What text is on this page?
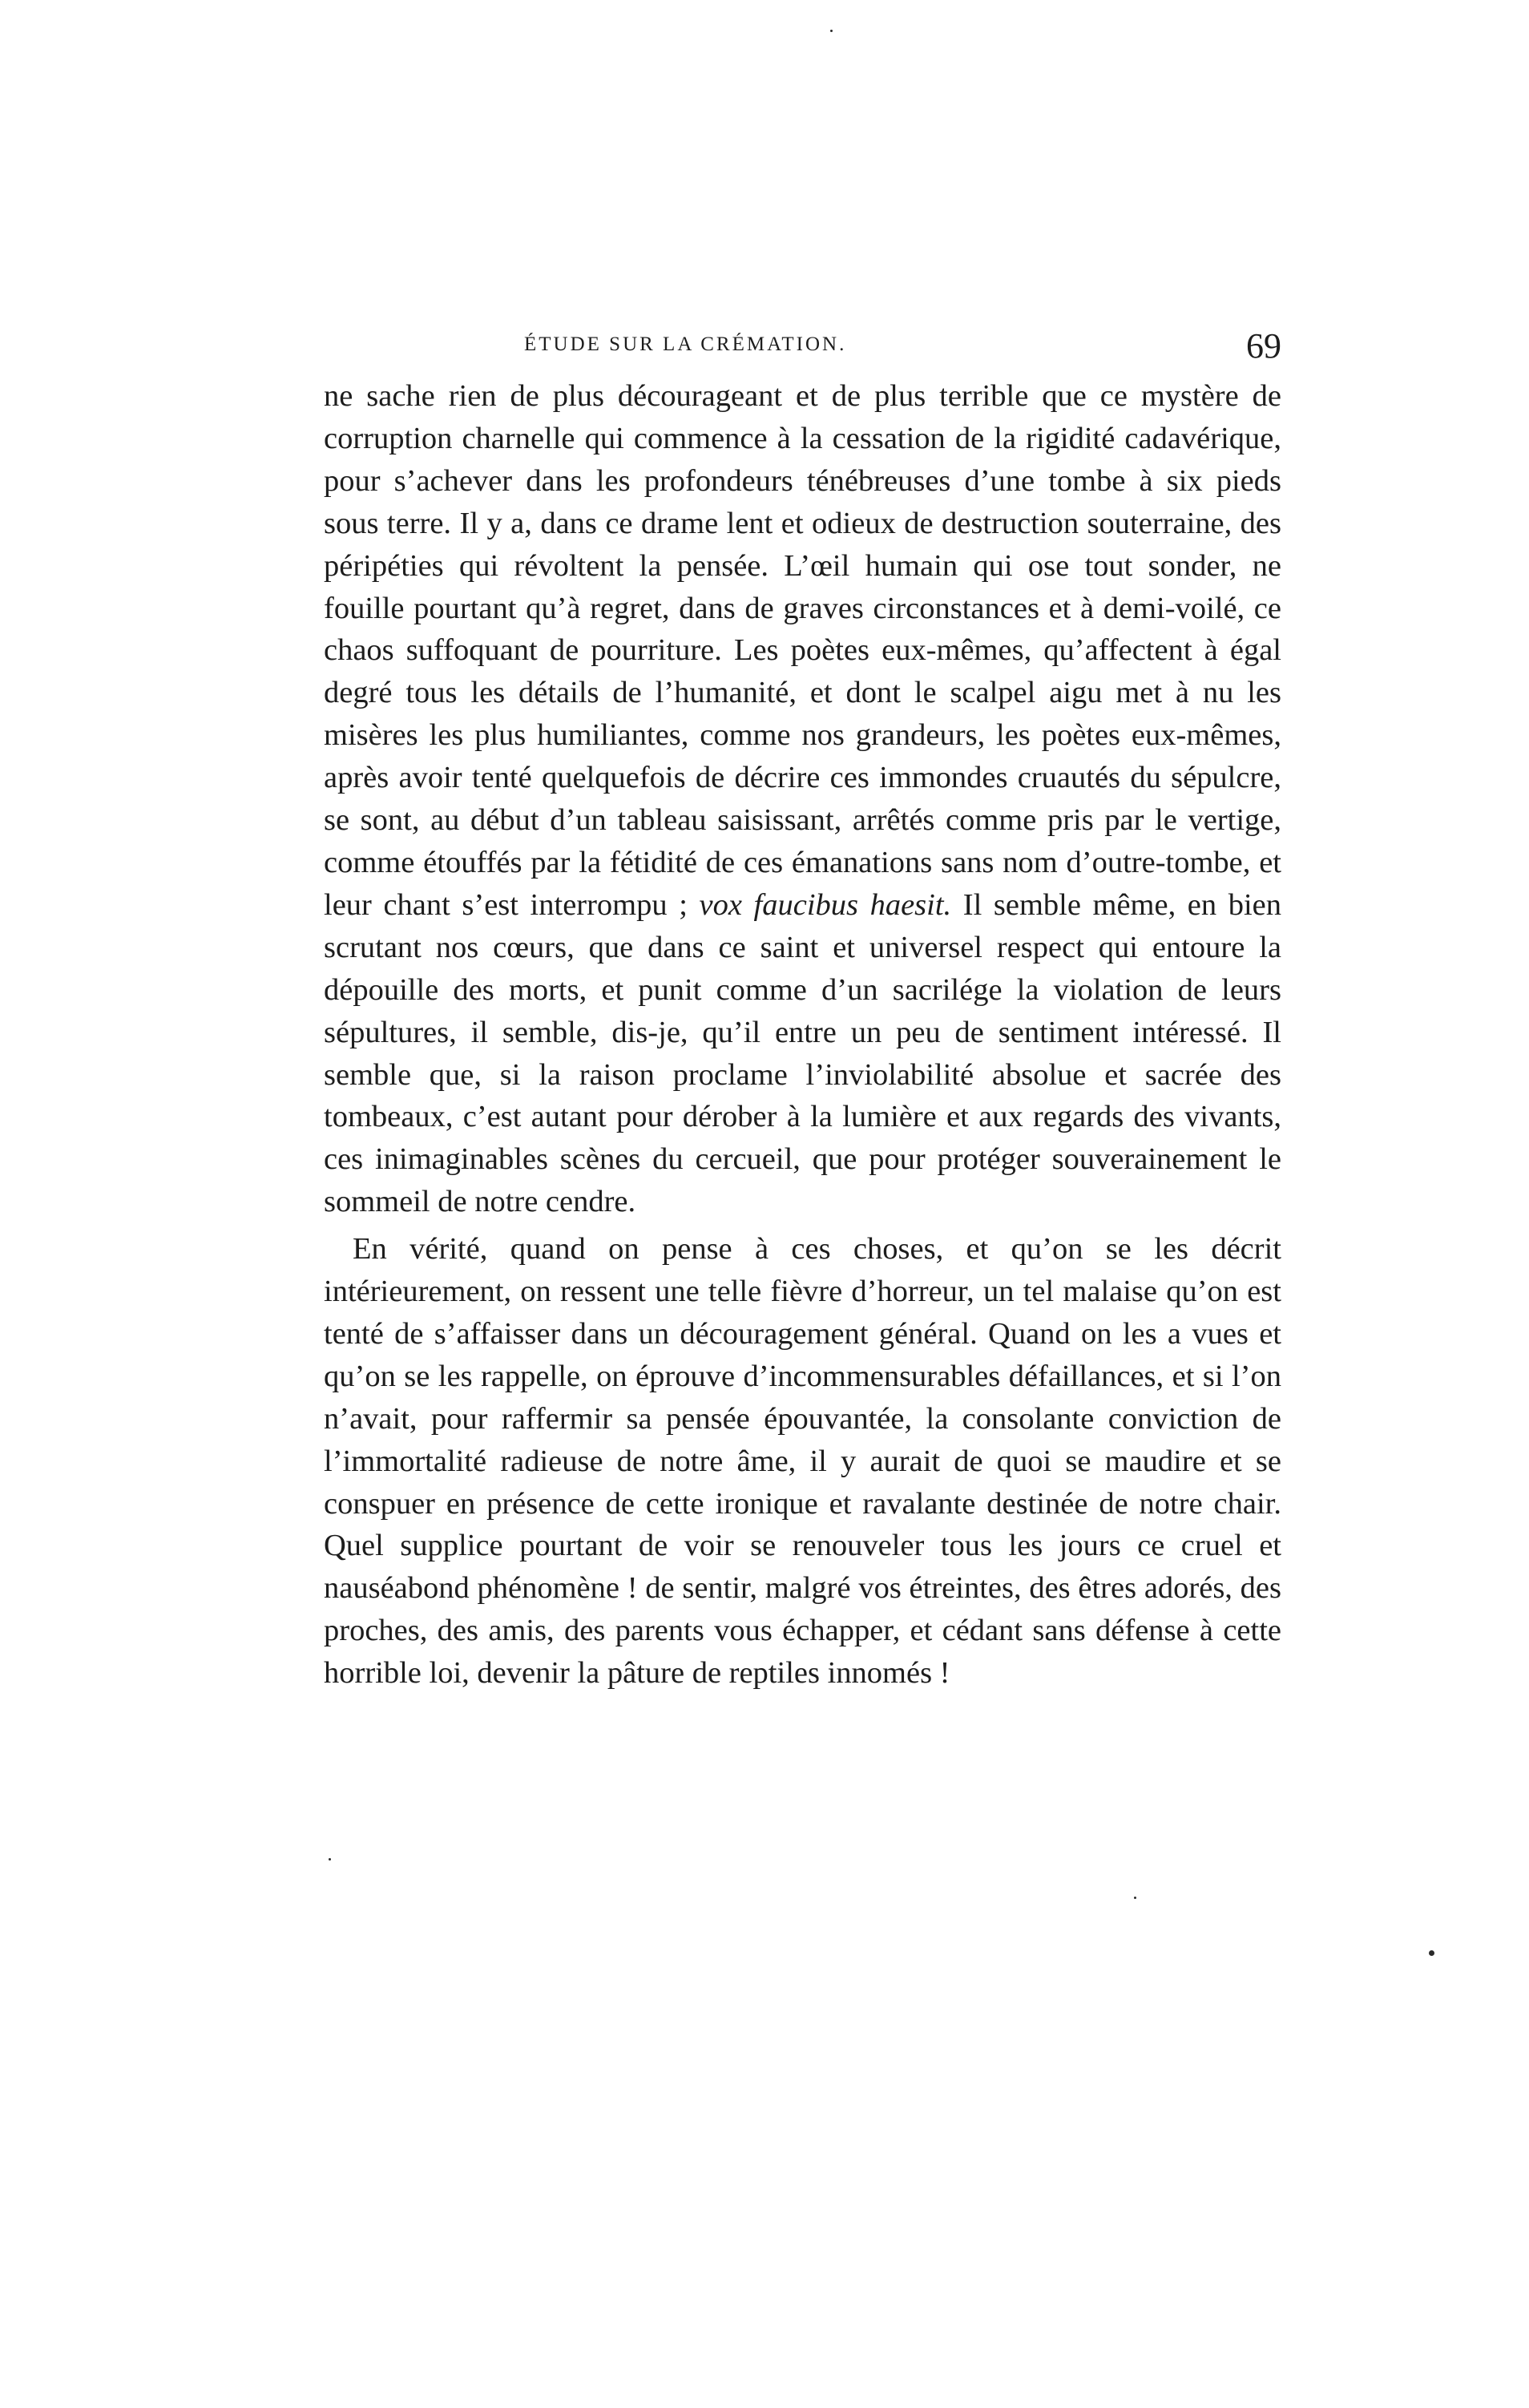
ÉTUDE SUR LA CRÉMATION.	69

ne sache rien de plus décourageant et de plus terrible que ce mystère de corruption charnelle qui commence à la cessation de la rigidité cadavérique, pour s’achever dans les profondeurs ténébreuses d’une tombe à six pieds sous terre. Il y a, dans ce drame lent et odieux de destruction souterraine, des péripéties qui révoltent la pensée. L’œil humain qui ose tout sonder, ne fouille pourtant qu’à regret, dans de graves circonstances et à demi-voilé, ce chaos suffoquant de pourriture. Les poètes eux-mêmes, qu’affectent à égal degré tous les détails de l’humanité, et dont le scalpel aigu met à nu les misères les plus humiliantes, comme nos grandeurs, les poètes eux-mêmes, après avoir tenté quelquefois de décrire ces immondes cruautés du sépulcre, se sont, au début d’un tableau saisissant, arrêtés comme pris par le vertige, comme étouffés par la fétidité de ces émanations sans nom d’outre-tombe, et leur chant s’est interrompu ; vox faucibus haesit. Il semble même, en bien scrutant nos cœurs, que dans ce saint et universel respect qui entoure la dépouille des morts, et punit comme d’un sacrilége la violation de leurs sépultures, il semble, dis-je, qu’il entre un peu de sentiment intéressé. Il semble que, si la raison proclame l’inviolabilité absolue et sacrée des tombeaux, c’est autant pour dérober à la lumière et aux regards des vivants, ces inimaginables scènes du cercueil, que pour protéger souverainement le sommeil de notre cendre.

En vérité, quand on pense à ces choses, et qu’on se les décrit intérieurement, on ressent une telle fièvre d’horreur, un tel malaise qu’on est tenté de s’affaisser dans un découragement général. Quand on les a vues et qu’on se les rappelle, on éprouve d’incommensurables défaillances, et si l’on n’avait, pour raffermir sa pensée épouvantée, la consolante conviction de l’immortalité radieuse de notre âme, il y aurait de quoi se maudire et se conspuer en présence de cette ironique et ravalante destinée de notre chair. Quel supplice pourtant de voir se renouveler tous les jours ce cruel et nauséabond phénomène ! de sentir, malgré vos étreintes, des êtres adorés, des proches, des amis, des parents vous échapper, et cédant sans défense à cette horrible loi, devenir la pâture de reptiles innomés !
